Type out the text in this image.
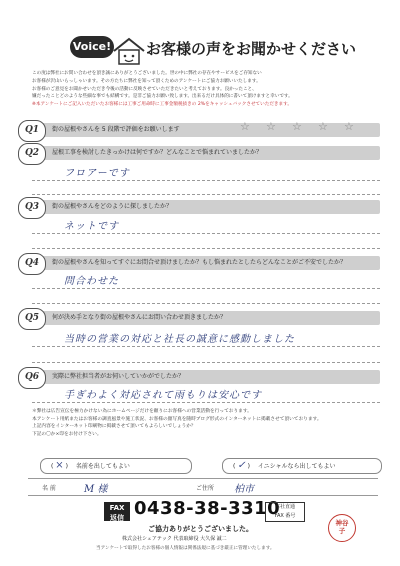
Voice! お客様の声をお聞かせください
この度は弊社にお問い合わせを頂き誠にありがとうございました。世の中に弊社の存在やサービスをご存知ない
お客様が沢山いらっしゃいます。その方たちに弊社を知って頂くためのアンケートにご協力お願いいたします。
お客様のご意見をお聞かせいただき今後の活動に反映させていただきたいと考えております。良かったこと、
嫌だったことどのような些細な事でも結構です。是非ご協力お願い致します。出来るだけ具体的に書いて頂けますと幸いです。
※本アンケートにご記入いただいたお客様には工事ご用命時に工事金額税抜きの 2%をキャッシュバックさせていただきます。
Q1	街の屋根やさんを 5 段階で評価をお願いします	☆ ☆ ☆ ☆ ☆
Q2	屋根工事を検討したきっかけは何ですか？どんなことで悩まれていましたか？
フロアーです
Q3	街の屋根やさんをどのように探しましたか？
ネットです
Q4	街の屋根やさんを知ってすぐにお問合せ頂けましたか？もし悩まれたとしたらどんなことがご不安でしたか？
問合わせた
Q5	何が決め手となり街の屋根やさんにお問い合わせ頂きましたか？
当時の営業の対応と社長の誠意に感動しました
Q6	実際に弊社担当者がお伺いしていかがでしたか？
手ぎわよく対応されて雨もりは安心です
＊弊社は広告宣伝を極力かけない為にホームページだけを頼りにお客様への営業活動を行っております。
本アンケート用紙またはお客様の調査風景や施工状況、お客様の顔写真を随時ブログ形式のインターネットに掲載させて頂いております。
上記内容をインターネット印刷物に掲載させて頂いてもよろしいでしょうか？
下記の〇か×印をお付け下さい。
( × ) 名前を出してもよい	( ✓ ) イニシャルなら出してもよい
名 前	M 様	ご住所 柏市
FAX
返信 0438-38-3310
本社直通
FAX 番号
ご協力ありがとうございました。
株式会社シェアテック 代表取締役 大久保 誠二
当アンケートで取得したお客様の個人情報は関係法規に基づき厳正に管理いたします。
神谷
子
